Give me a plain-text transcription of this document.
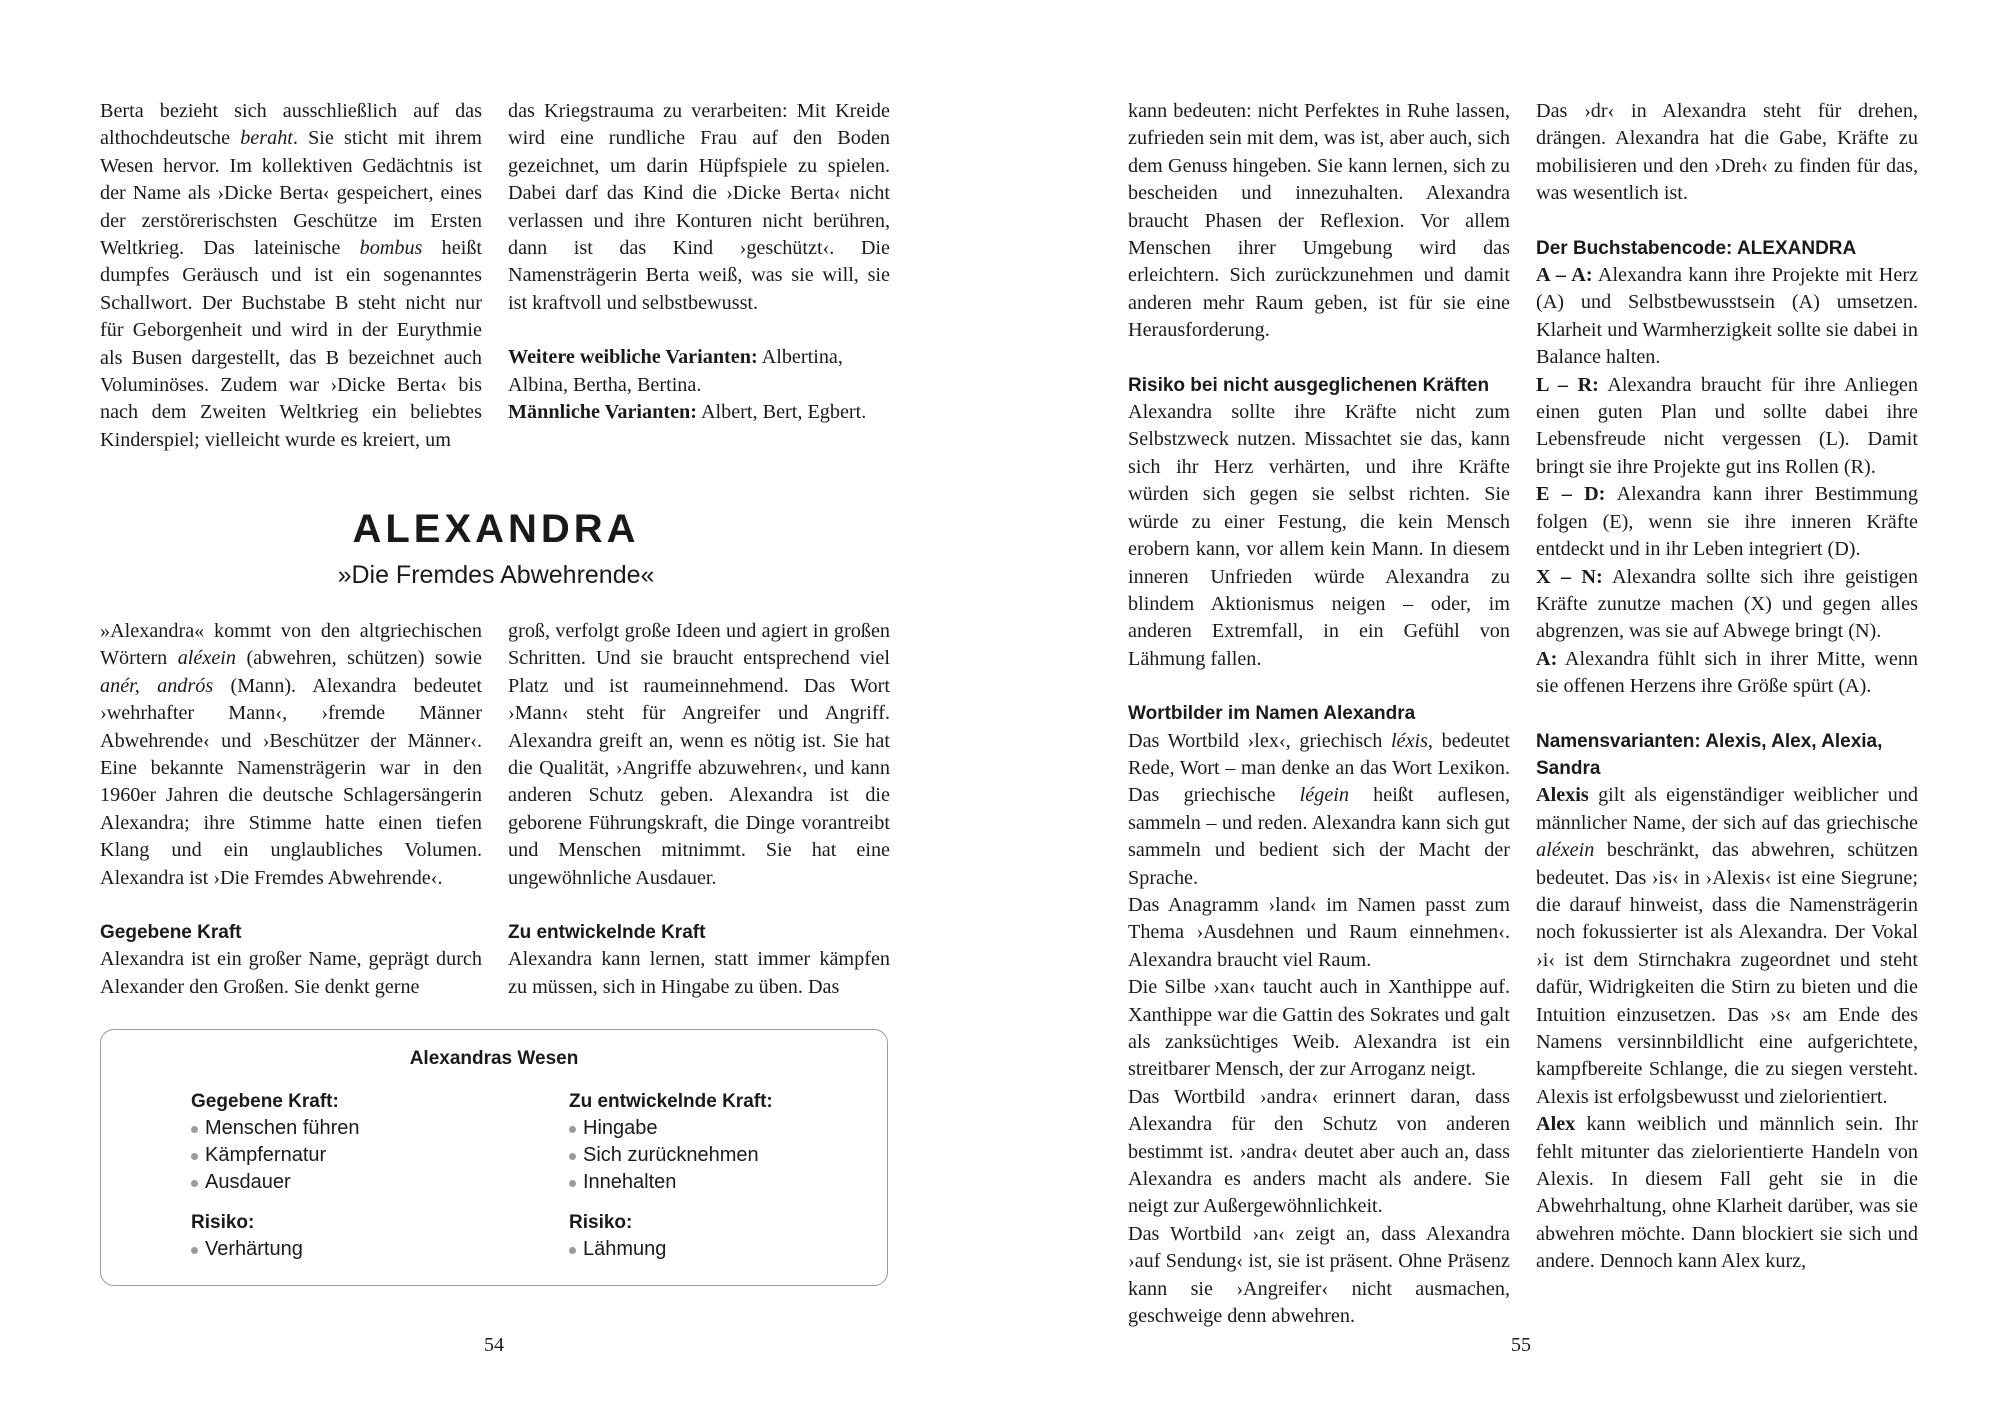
Berta bezieht sich ausschließlich auf das althochdeutsche beraht. Sie sticht mit ihrem Wesen hervor. Im kollektiven Gedächtnis ist der Name als ›Dicke Berta‹ gespeichert, eines der zerstörerischsten Geschütze im Ersten Weltkrieg. Das lateinische bombus heißt dumpfes Geräusch und ist ein sogenanntes Schallwort. Der Buchstabe B steht nicht nur für Geborgenheit und wird in der Eurythmie als Busen dargestellt, das B bezeichnet auch Voluminöses. Zudem war ›Dicke Berta‹ bis nach dem Zweiten Weltkrieg ein beliebtes Kinderspiel; vielleicht wurde es kreiert, um

das Kriegstrauma zu verarbeiten: Mit Kreide wird eine rundliche Frau auf den Boden gezeichnet, um darin Hüpfspiele zu spielen. Dabei darf das Kind die ›Dicke Berta‹ nicht verlassen und ihre Konturen nicht berühren, dann ist das Kind ›geschützt‹. Die Namensträgerin Berta weiß, was sie will, sie ist kraftvoll und selbstbewusst.

Weitere weibliche Varianten: Albertina, Albina, Bertha, Bertina.
Männliche Varianten: Albert, Bert, Egbert.

ALEXANDRA

»Die Fremdes Abwehrende«

»Alexandra« kommt von den altgriechischen Wörtern aléxein (abwehren, schützen) sowie anér, andrós (Mann). Alexandra bedeutet ›wehrhafter Mann‹, ›fremde Männer Abwehrende‹ und ›Beschützer der Männer‹. Eine bekannte Namensträgerin war in den 1960er Jahren die deutsche Schlagersängerin Alexandra; ihre Stimme hatte einen tiefen Klang und ein unglaubliches Volumen. Alexandra ist ›Die Fremdes Abwehrende‹.

Gegebene Kraft

Alexandra ist ein großer Name, geprägt durch Alexander den Großen. Sie denkt gerne

groß, verfolgt große Ideen und agiert in großen Schritten. Und sie braucht entsprechend viel Platz und ist raumeinnehmend. Das Wort ›Mann‹ steht für Angreifer und Angriff. Alexandra greift an, wenn es nötig ist. Sie hat die Qualität, ›Angriffe abzuwehren‹, und kann anderen Schutz geben. Alexandra ist die geborene Führungskraft, die Dinge vorantreibt und Menschen mitnimmt. Sie hat eine ungewöhnliche Ausdauer.

Zu entwickelnde Kraft

Alexandra kann lernen, statt immer kämpfen zu müssen, sich in Hingabe zu üben. Das

Alexandras Wesen
Gegebene Kraft:
Menschen führen
Kämpfernatur
Ausdauer
Risiko:
Verhärtung
Zu entwickelnde Kraft:
Hingabe
Sich zurücknehmen
Innehalten
Risiko:
Lähmung
54

kann bedeuten: nicht Perfektes in Ruhe lassen, zufrieden sein mit dem, was ist, aber auch, sich dem Genuss hingeben. Sie kann lernen, sich zu bescheiden und innezuhalten. Alexandra braucht Phasen der Reflexion. Vor allem Menschen ihrer Umgebung wird das erleichtern. Sich zurückzunehmen und damit anderen mehr Raum geben, ist für sie eine Herausforderung.

Risiko bei nicht ausgeglichenen Kräften

Alexandra sollte ihre Kräfte nicht zum Selbstzweck nutzen. Missachtet sie das, kann sich ihr Herz verhärten, und ihre Kräfte würden sich gegen sie selbst richten. Sie würde zu einer Festung, die kein Mensch erobern kann, vor allem kein Mann. In diesem inneren Unfrieden würde Alexandra zu blindem Aktionismus neigen – oder, im anderen Extremfall, in ein Gefühl von Lähmung fallen.

Wortbilder im Namen Alexandra

Das Wortbild ›lex‹, griechisch léxis, bedeutet Rede, Wort – man denke an das Wort Lexikon. Das griechische légein heißt auflesen, sammeln – und reden. Alexandra kann sich gut sammeln und bedient sich der Macht der Sprache.

Das Anagramm ›land‹ im Namen passt zum Thema ›Ausdehnen und Raum einnehmen‹. Alexandra braucht viel Raum.

Die Silbe ›xan‹ taucht auch in Xanthippe auf. Xanthippe war die Gattin des Sokrates und galt als zanksüchtiges Weib. Alexandra ist ein streitbarer Mensch, der zur Arroganz neigt.

Das Wortbild ›andra‹ erinnert daran, dass Alexandra für den Schutz von anderen bestimmt ist. ›andra‹ deutet aber auch an, dass Alexandra es anders macht als andere. Sie neigt zur Außergewöhnlichkeit.

Das Wortbild ›an‹ zeigt an, dass Alexandra ›auf Sendung‹ ist, sie ist präsent. Ohne Präsenz kann sie ›Angreifer‹ nicht ausmachen, geschweige denn abwehren.

Das ›dr‹ in Alexandra steht für drehen, drängen. Alexandra hat die Gabe, Kräfte zu mobilisieren und den ›Dreh‹ zu finden für das, was wesentlich ist.

Der Buchstabencode: ALEXANDRA

A – A: Alexandra kann ihre Projekte mit Herz (A) und Selbstbewusstsein (A) umsetzen. Klarheit und Warmherzigkeit sollte sie dabei in Balance halten.

L – R: Alexandra braucht für ihre Anliegen einen guten Plan und sollte dabei ihre Lebensfreude nicht vergessen (L). Damit bringt sie ihre Projekte gut ins Rollen (R).

E – D: Alexandra kann ihrer Bestimmung folgen (E), wenn sie ihre inneren Kräfte entdeckt und in ihr Leben integriert (D).

X – N: Alexandra sollte sich ihre geistigen Kräfte zunutze machen (X) und gegen alles abgrenzen, was sie auf Abwege bringt (N).

A: Alexandra fühlt sich in ihrer Mitte, wenn sie offenen Herzens ihre Größe spürt (A).

Namensvarianten: Alexis, Alex, Alexia, Sandra

Alexis gilt als eigenständiger weiblicher und männlicher Name, der sich auf das griechische aléxein beschränkt, das abwehren, schützen bedeutet. Das ›is‹ in ›Alexis‹ ist eine Siegrune; die darauf hinweist, dass die Namensträgerin noch fokussierter ist als Alexandra. Der Vokal ›i‹ ist dem Stirnchakra zugeordnet und steht dafür, Widrigkeiten die Stirn zu bieten und die Intuition einzusetzen. Das ›s‹ am Ende des Namens versinnbildlicht eine aufgerichtete, kampfbereite Schlange, die zu siegen versteht. Alexis ist erfolgsbewusst und zielorientiert.

Alex kann weiblich und männlich sein. Ihr fehlt mitunter das zielorientierte Handeln von Alexis. In diesem Fall geht sie in die Abwehrhaltung, ohne Klarheit darüber, was sie abwehren möchte. Dann blockiert sie sich und andere. Dennoch kann Alex kurz,

55
